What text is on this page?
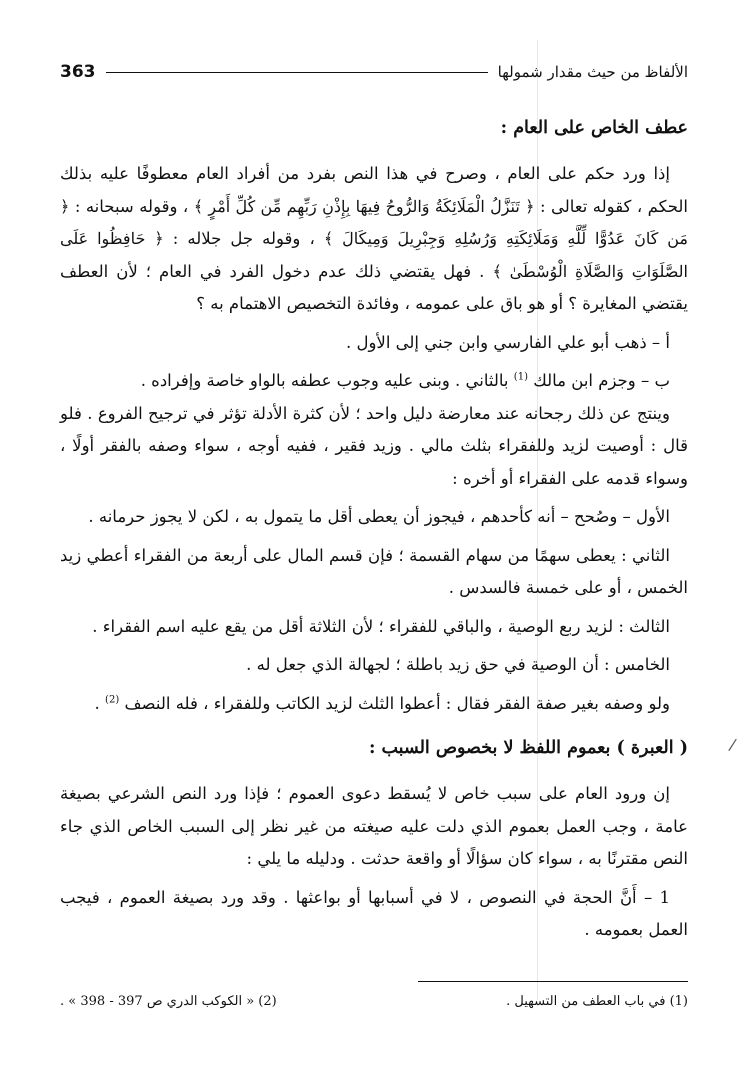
/
الألفاظ من حيث مقدار شمولها
363
عطف الخاص على العام :

إذا ورد حكم على العام ، وصرح في هذا النص بفرد من أفراد العام معطوفًا عليه بذلك الحكم ، كقوله تعالى : ﴿ تَنَزَّلُ الْمَلَائِكَةُ وَالرُّوحُ فِيهَا بِإِذْنِ رَبِّهِم مِّن كُلِّ أَمْرٍ ﴾ ، وقوله سبحانه : ﴿ مَن كَانَ عَدُوًّا لِّلَّهِ وَمَلَائِكَتِهِ وَرُسُلِهِ وَجِبْرِيلَ وَمِيكَالَ ﴾ ، وقوله جل جلاله : ﴿ حَافِظُوا عَلَى الصَّلَوَاتِ وَالصَّلَاةِ الْوُسْطَىٰ ﴾ . فهل يقتضي ذلك عدم دخول الفرد في العام ؛ لأن العطف يقتضي المغايرة ؟ أو هو باق على عمومه ، وفائدة التخصيص الاهتمام به ؟

أ – ذهب أبو علي الفارسي وابن جني إلى الأول .

ب – وجزم ابن مالك $^{(1)}$ بالثاني . وبنى عليه وجوب عطفه بالواو خاصة وإفراده .

وينتج عن ذلك رجحانه عند معارضة دليل واحد ؛ لأن كثرة الأدلة تؤثر في ترجيح الفروع . فلو قال : أوصيت لزيد وللفقراء بثلث مالي . وزيد فقير ، ففيه أوجه ، سواء وصفه بالفقر أولًا ، وسواء قدمه على الفقراء أو أخره :

الأول – وصُحح – أنه كأحدهم ، فيجوز أن يعطى أقل ما يتمول به ، لكن لا يجوز حرمانه .

الثاني : يعطى سهمًا من سهام القسمة ؛ فإن قسم المال على أربعة من الفقراء أعطي زيد الخمس ، أو على خمسة فالسدس .

الثالث : لزيد ربع الوصية ، والباقي للفقراء ؛ لأن الثلاثة أقل من يقع عليه اسم الفقراء .

الخامس : أن الوصية في حق زيد باطلة ؛ لجهالة الذي جعل له .

ولو وصفه بغير صفة الفقر فقال : أعطوا الثلث لزيد الكاتب وللفقراء ، فله النصف $^{(2)}$ .

( العبرة ) بعموم اللفظ لا بخصوص السبب :

إن ورود العام على سبب خاص لا يُسقط دعوى العموم ؛ فإذا ورد النص الشرعي بصيغة عامة ، وجب العمل بعموم الذي دلت عليه صيغته من غير نظر إلى السبب الخاص الذي جاء النص مقترنًا به ، سواء كان سؤالًا أو واقعة حدثت . ودليله ما يلي :

1 – أَنَّ الحجة في النصوص ، لا في أسبابها أو بواعثها . وقد ورد بصيغة العموم ، فيجب العمل بعمومه .

(1) في باب العطف من التسهيل .
(2) « الكوكب الدري ص 397 - 398 » .
